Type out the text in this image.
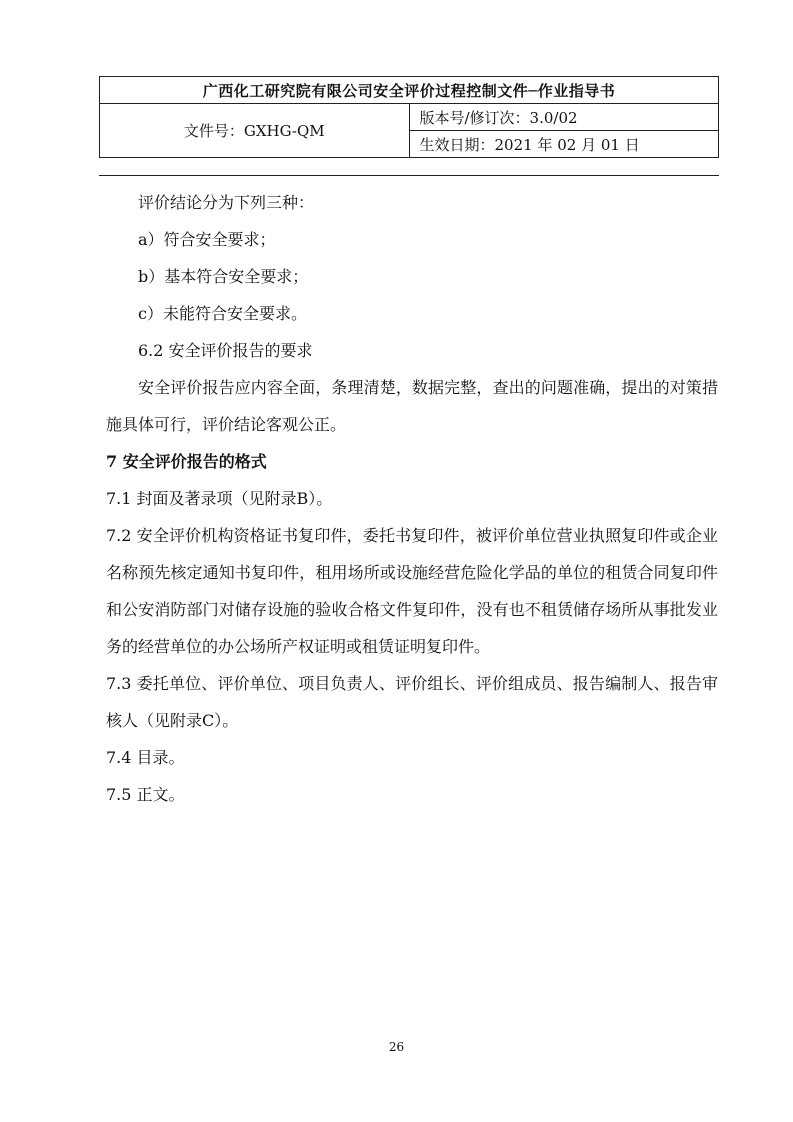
广西化工研究院有限公司安全评价过程控制文件─作业指导书
文件号：GXHG-QM	版本号/修订次：3.0/02
生效日期：2021 年 02 月 01 日

评价结论分为下列三种：

a）符合安全要求；

b）基本符合安全要求；

c）未能符合安全要求。

6.2 安全评价报告的要求

安全评价报告应内容全面，条理清楚，数据完整，查出的问题准确，提出的对策措施具体可行，评价结论客观公正。

7 安全评价报告的格式

7.1 封面及著录项（见附录B）。

7.2 安全评价机构资格证书复印件，委托书复印件，被评价单位营业执照复印件或企业名称预先核定通知书复印件，租用场所或设施经营危险化学品的单位的租赁合同复印件和公安消防部门对储存设施的验收合格文件复印件，没有也不租赁储存场所从事批发业务的经营单位的办公场所产权证明或租赁证明复印件。

7.3 委托单位、评价单位、项目负责人、评价组长、评价组成员、报告编制人、报告审核人（见附录C）。

7.4 目录。

7.5 正文。

26
